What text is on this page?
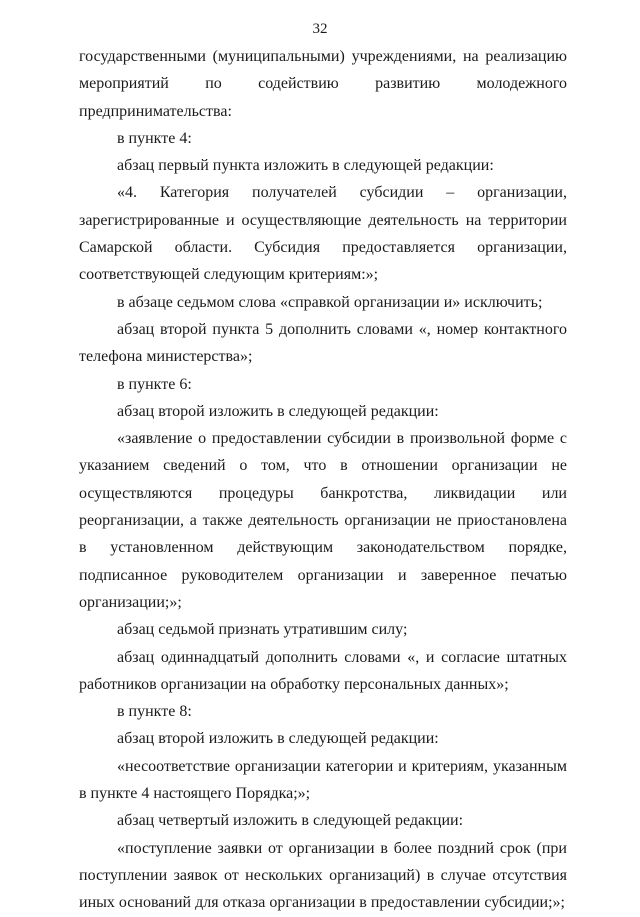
32

государственными (муниципальными) учреждениями, на реализацию мероприятий по содействию развитию молодежного предпринимательства:

в пункте 4:

абзац первый пункта изложить в следующей редакции:

«4. Категория получателей субсидии – организации, зарегистрированные и осуществляющие деятельность на территории Самарской области. Субсидия предоставляется организации, соответствующей следующим критериям:»;

в абзаце седьмом слова «справкой организации и» исключить;

абзац второй пункта 5 дополнить словами «, номер контактного телефона министерства»;

в пункте 6:

абзац второй изложить в следующей редакции:

«заявление о предоставлении субсидии в произвольной форме с указанием сведений о том, что в отношении организации не осуществляются процедуры банкротства, ликвидации или реорганизации, а также деятельность организации не приостановлена в установленном действующим законодательством порядке, подписанное руководителем организации и заверенное печатью организации;»;

абзац седьмой признать утратившим силу;

абзац одиннадцатый дополнить словами «, и согласие штатных работников организации на обработку персональных данных»;

в пункте 8:

абзац второй изложить в следующей редакции:

«несоответствие организации категории и критериям, указанным в пункте 4 настоящего Порядка;»;

абзац четвертый изложить в следующей редакции:

«поступление заявки от организации в более поздний срок (при поступлении заявок от нескольких организаций) в случае отсутствия иных оснований для отказа организации в предоставлении субсидии;»;
